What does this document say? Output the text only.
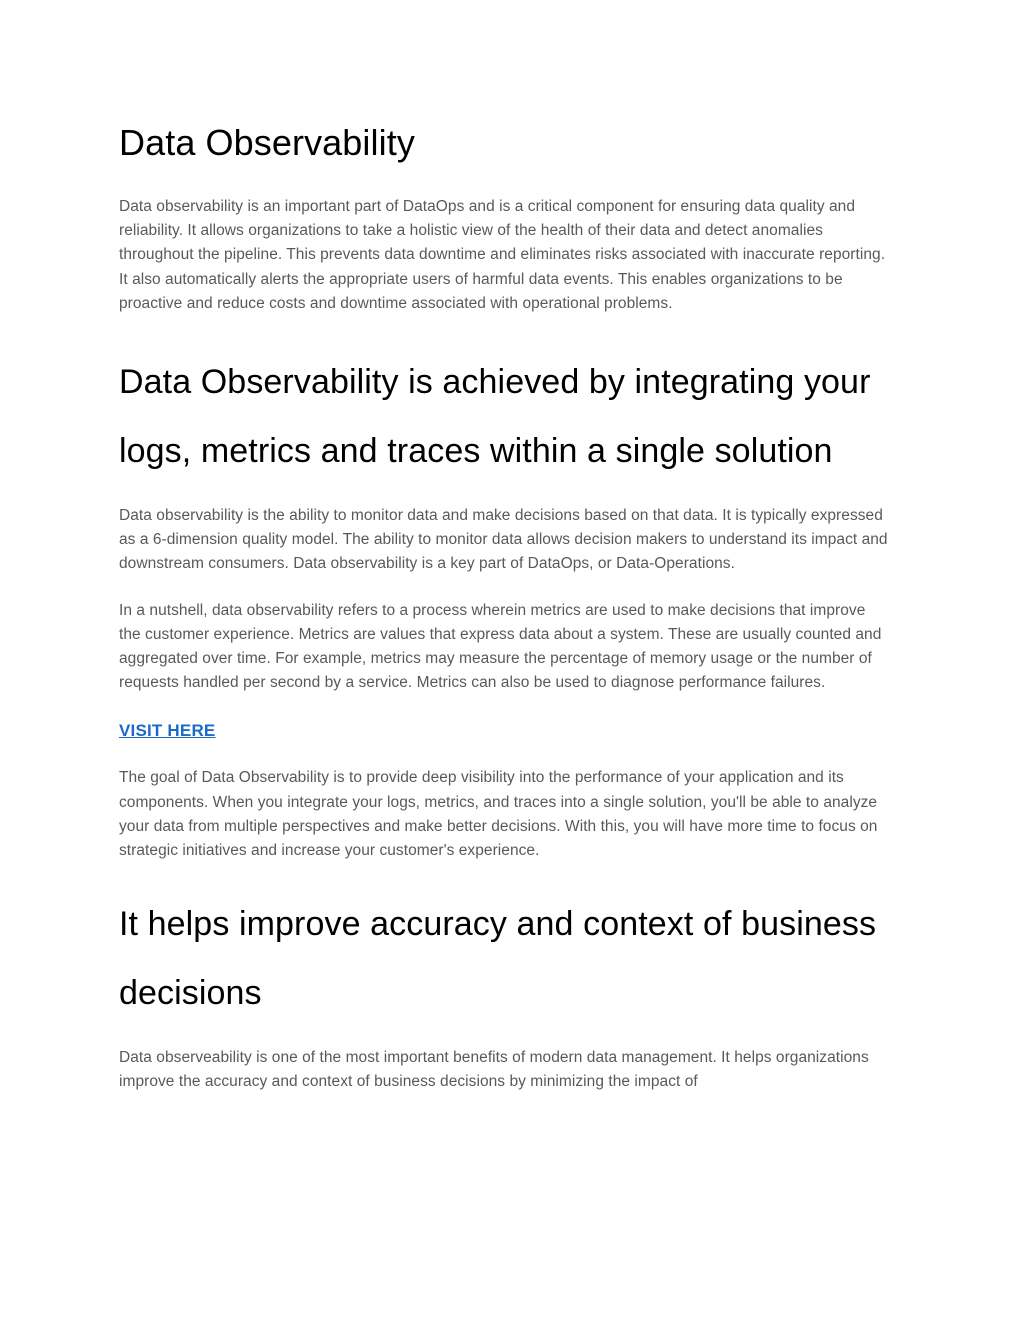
Data Observability

Data observability is an important part of DataOps and is a critical component for ensuring data quality and reliability. It allows organizations to take a holistic view of the health of their data and detect anomalies throughout the pipeline. This prevents data downtime and eliminates risks associated with inaccurate reporting. It also automatically alerts the appropriate users of harmful data events. This enables organizations to be proactive and reduce costs and downtime associated with operational problems.

Data Observability is achieved by integrating your logs, metrics and traces within a single solution

Data observability is the ability to monitor data and make decisions based on that data. It is typically expressed as a 6-dimension quality model. The ability to monitor data allows decision makers to understand its impact and downstream consumers. Data observability is a key part of DataOps, or Data-Operations.

In a nutshell, data observability refers to a process wherein metrics are used to make decisions that improve the customer experience. Metrics are values that express data about a system. These are usually counted and aggregated over time. For example, metrics may measure the percentage of memory usage or the number of requests handled per second by a service. Metrics can also be used to diagnose performance failures.

VISIT HERE

The goal of Data Observability is to provide deep visibility into the performance of your application and its components. When you integrate your logs, metrics, and traces into a single solution, you'll be able to analyze your data from multiple perspectives and make better decisions. With this, you will have more time to focus on strategic initiatives and increase your customer's experience.

It helps improve accuracy and context of business decisions

Data observeability is one of the most important benefits of modern data management. It helps organizations improve the accuracy and context of business decisions by minimizing the impact of
